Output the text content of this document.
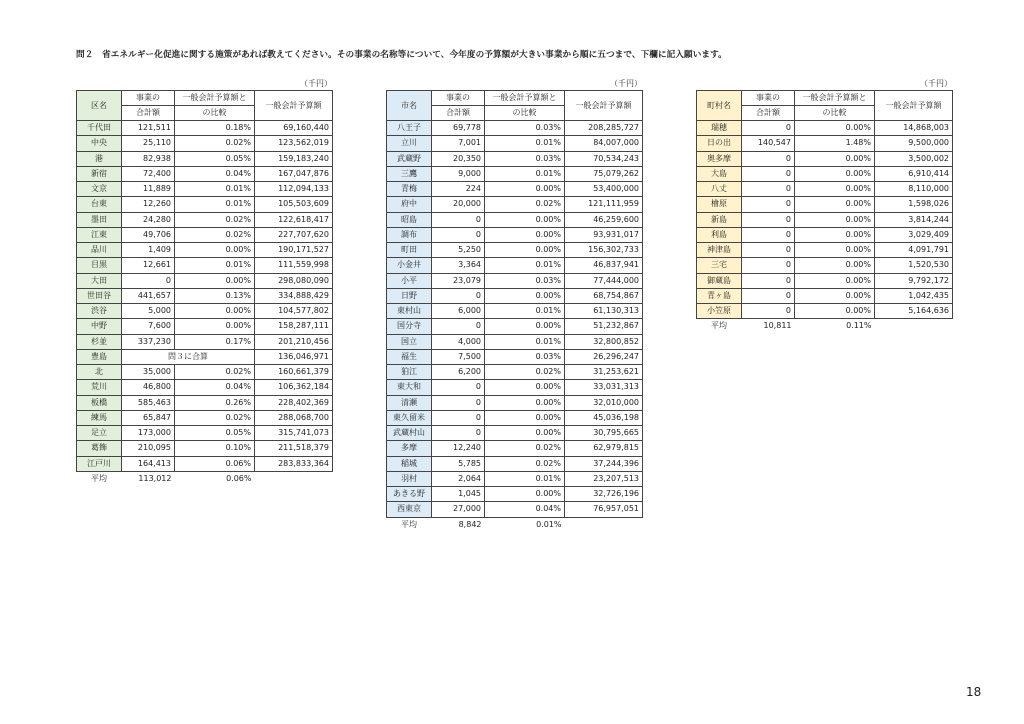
問２　省エネルギー化促進に関する施策があれば教えてください。その事業の名称等について、今年度の予算額が大きい事業から順に五つまで、下欄に記入願います。
（千円）
区名	事業の	一般会計予算額と	一般会計予算額
	合計額	の比較	
千代田	121,511	0.18%	69,160,440
中央	25,110	0.02%	123,562,019
港	82,938	0.05%	159,183,240
新宿	72,400	0.04%	167,047,876
文京	11,889	0.01%	112,094,133
台東	12,260	0.01%	105,503,609
墨田	24,280	0.02%	122,618,417
江東	49,706	0.02%	227,707,620
品川	1,409	0.00%	190,171,527
目黒	12,661	0.01%	111,559,998
大田	0	0.00%	298,080,090
世田谷	441,657	0.13%	334,888,429
渋谷	5,000	0.00%	104,577,802
中野	7,600	0.00%	158,287,111
杉並	337,230	0.17%	201,210,456
豊島	問３に合算		136,046,971
北	35,000	0.02%	160,661,379
荒川	46,800	0.04%	106,362,184
板橋	585,463	0.26%	228,402,369
練馬	65,847	0.02%	288,068,700
足立	173,000	0.05%	315,741,073
葛飾	210,095	0.10%	211,518,379
江戸川	164,413	0.06%	283,833,364
平均	113,012	0.06%	
（千円）
市名	事業の	一般会計予算額と	一般会計予算額
	合計額	の比較	
八王子	69,778	0.03%	208,285,727
立川	7,001	0.01%	84,007,000
武蔵野	20,350	0.03%	70,534,243
三鷹	9,000	0.01%	75,079,262
青梅	224	0.00%	53,400,000
府中	20,000	0.02%	121,111,959
昭島	0	0.00%	46,259,600
調布	0	0.00%	93,931,017
町田	5,250	0.00%	156,302,733
小金井	3,364	0.01%	46,837,941
小平	23,079	0.03%	77,444,000
日野	0	0.00%	68,754,867
東村山	6,000	0.01%	61,130,313
国分寺	0	0.00%	51,232,867
国立	4,000	0.01%	32,800,852
福生	7,500	0.03%	26,296,247
狛江	6,200	0.02%	31,253,621
東大和	0	0.00%	33,031,313
清瀬	0	0.00%	32,010,000
東久留米	0	0.00%	45,036,198
武蔵村山	0	0.00%	30,795,665
多摩	12,240	0.02%	62,979,815
稲城	5,785	0.02%	37,244,396
羽村	2,064	0.01%	23,207,513
あきる野	1,045	0.00%	32,726,196
西東京	27,000	0.04%	76,957,051
平均	8,842	0.01%	
（千円）
町村名	事業の	一般会計予算額と	一般会計予算額
	合計額	の比較	
瑞穂	0	0.00%	14,868,003
日の出	140,547	1.48%	9,500,000
奥多摩	0	0.00%	3,500,002
大島	0	0.00%	6,910,414
八丈	0	0.00%	8,110,000
檜原	0	0.00%	1,598,026
新島	0	0.00%	3,814,244
利島	0	0.00%	3,029,409
神津島	0	0.00%	4,091,791
三宅	0	0.00%	1,520,530
御蔵島	0	0.00%	9,792,172
青ヶ島	0	0.00%	1,042,435
小笠原	0	0.00%	5,164,636
平均	10,811	0.11%	
18
